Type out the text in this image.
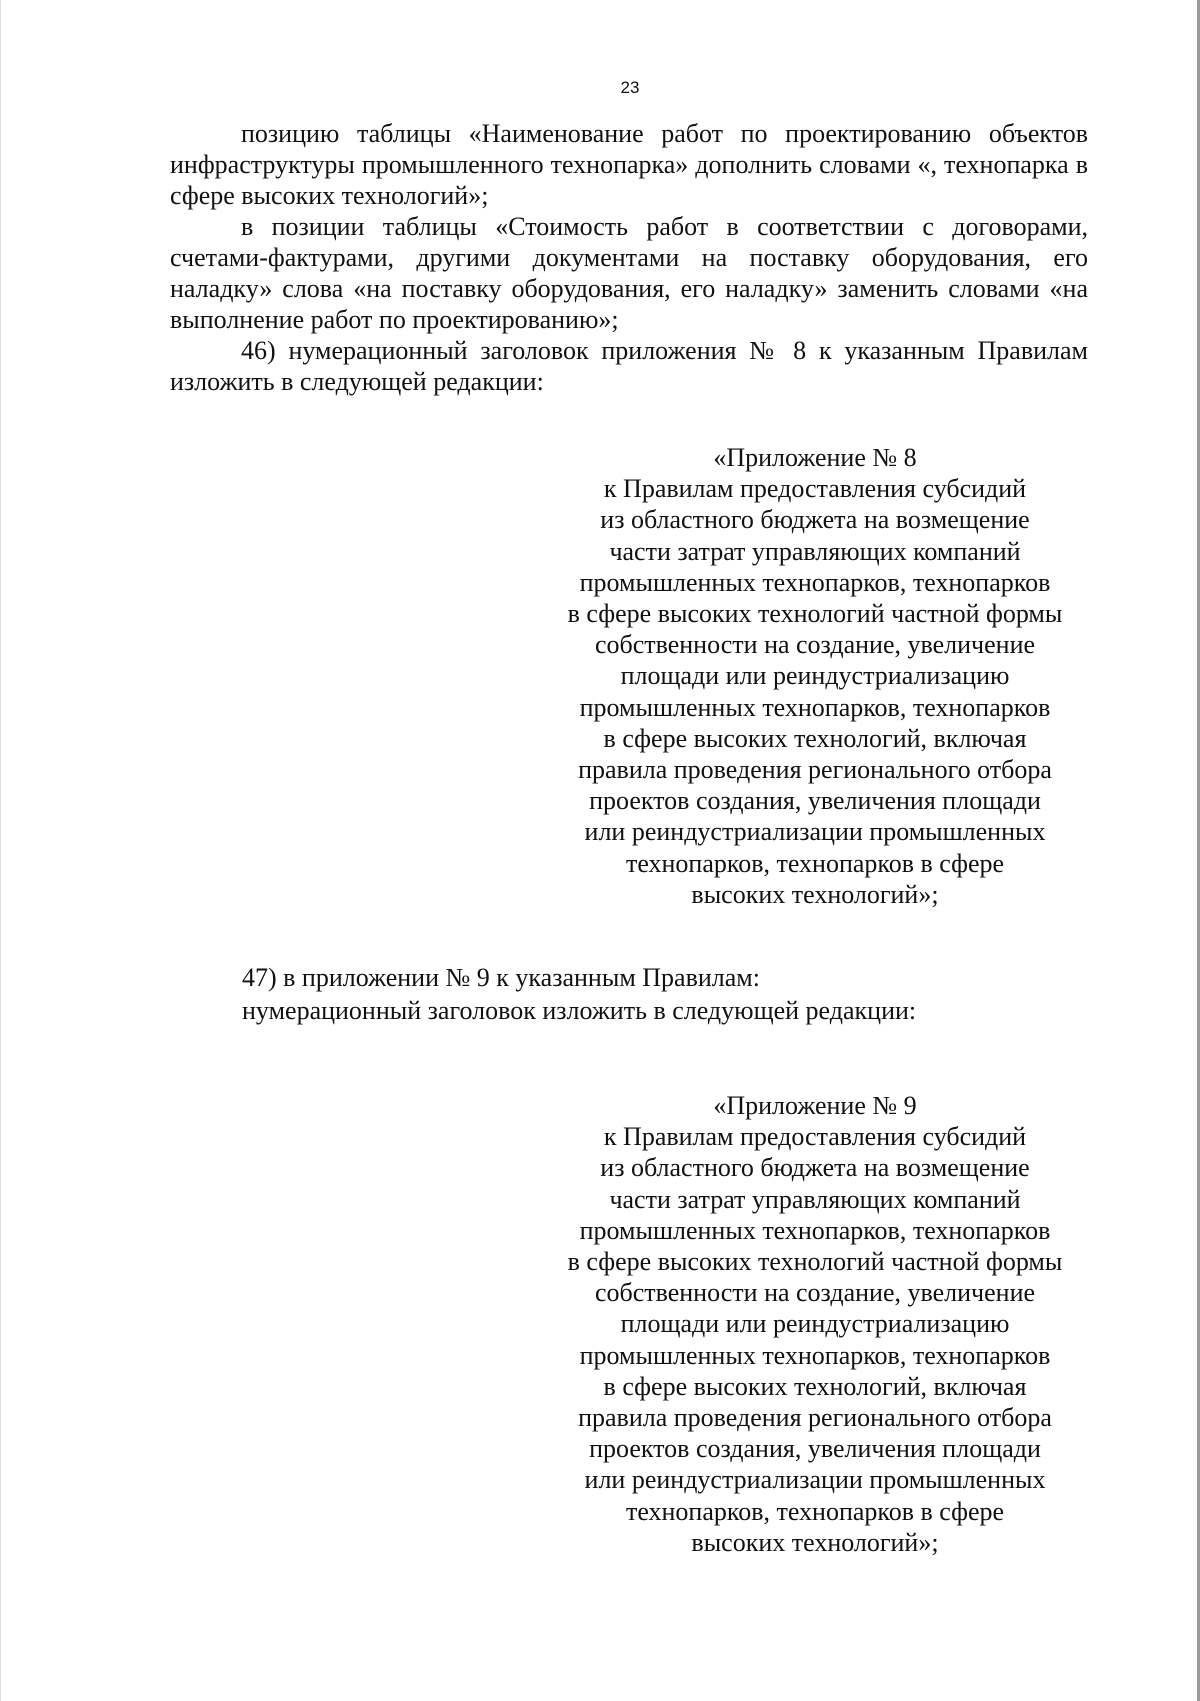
23

позицию таблицы «Наименование работ по проектированию объектов инфраструктуры промышленного технопарка» дополнить словами «, технопарка в сфере высоких технологий»;

в позиции таблицы «Стоимость работ в соответствии с договорами, счетами-фактурами, другими документами на поставку оборудования, его наладку» слова «на поставку оборудования, его наладку» заменить словами «на выполнение работ по проектированию»;

46) нумерационный заголовок приложения № 8 к указанным Правилам изложить в следующей редакции:

«Приложение № 8
к Правилам предоставления субсидий
из областного бюджета на возмещение
части затрат управляющих компаний
промышленных технопарков, технопарков
в сфере высоких технологий частной формы
собственности на создание, увеличение
площади или реиндустриализацию
промышленных технопарков, технопарков
в сфере высоких технологий, включая
правила проведения регионального отбора
проектов создания, увеличения площади
или реиндустриализации промышленных
технопарков, технопарков в сфере
высоких технологий»;
47) в приложении № 9 к указанным Правилам:
нумерационный заголовок изложить в следующей редакции:
«Приложение № 9
к Правилам предоставления субсидий
из областного бюджета на возмещение
части затрат управляющих компаний
промышленных технопарков, технопарков
в сфере высоких технологий частной формы
собственности на создание, увеличение
площади или реиндустриализацию
промышленных технопарков, технопарков
в сфере высоких технологий, включая
правила проведения регионального отбора
проектов создания, увеличения площади
или реиндустриализации промышленных
технопарков, технопарков в сфере
высоких технологий»;
